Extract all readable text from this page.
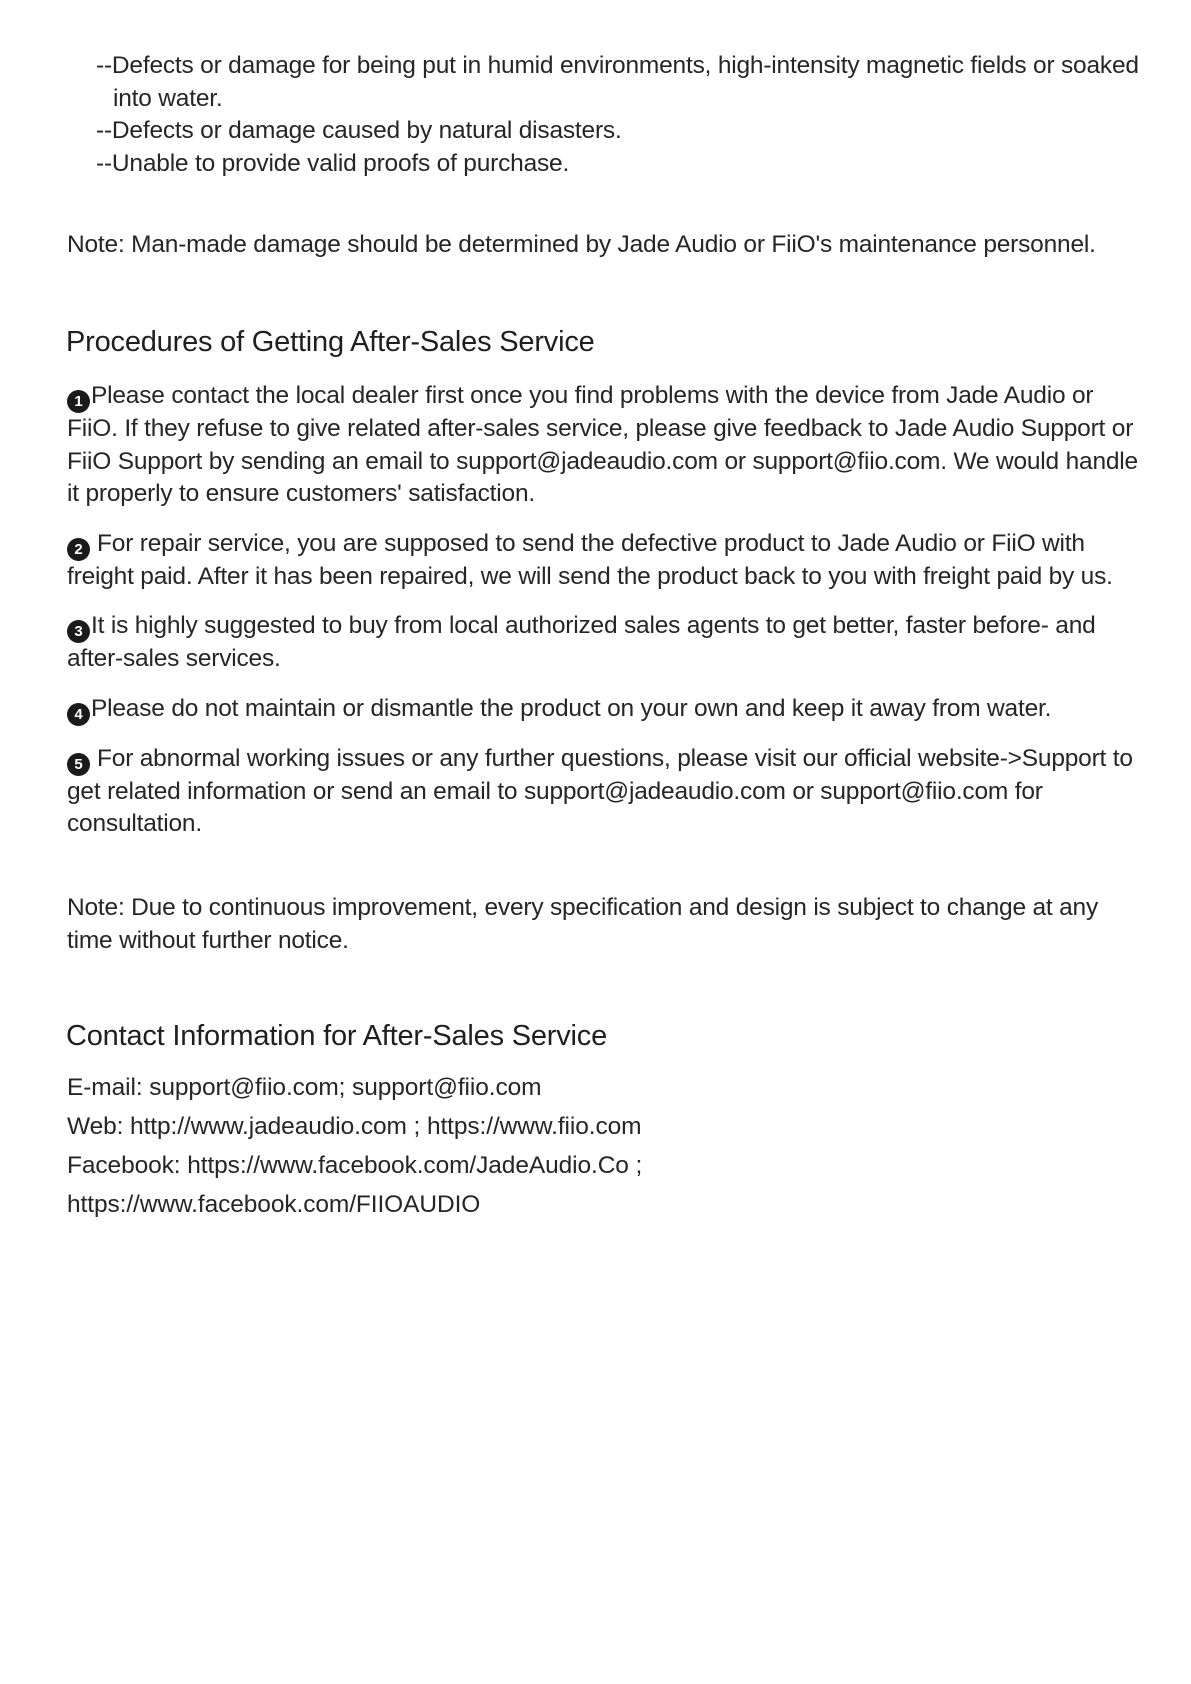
--Defects or damage for being put in humid environments, high-intensity magnetic fields or soaked into water.

--Defects or damage caused by natural disasters.

--Unable to provide valid proofs of purchase.

Note: Man-made damage should be determined by Jade Audio or FiiO's maintenance personnel.
Procedures of Getting After-Sales Service

1 Please contact the local dealer first once you find problems with the device from Jade Audio or FiiO. If they refuse to give related after-sales service, please give feedback to Jade Audio Support or FiiO Support by sending an email to support@jadeaudio.com or support@fiio.com. We would handle it properly to ensure customers' satisfaction.

2 For repair service, you are supposed to send the defective product to Jade Audio or FiiO with freight paid. After it has been repaired, we will send the product back to you with freight paid by us.

3 It is highly suggested to buy from local authorized sales agents to get better, faster before- and after-sales services.

4 Please do not maintain or dismantle the product on your own and keep it away from water.

5 For abnormal working issues or any further questions, please visit our official website->Support to get related information or send an email to support@jadeaudio.com or support@fiio.com for consultation.

Note: Due to continuous improvement, every specification and design is subject to change at any time without further notice.
Contact Information for After-Sales Service

E-mail: support@fiio.com; support@fiio.com

Web: http://www.jadeaudio.com ; https://www.fiio.com

Facebook: https://www.facebook.com/JadeAudio.Co ;

https://www.facebook.com/FIIOAUDIO
